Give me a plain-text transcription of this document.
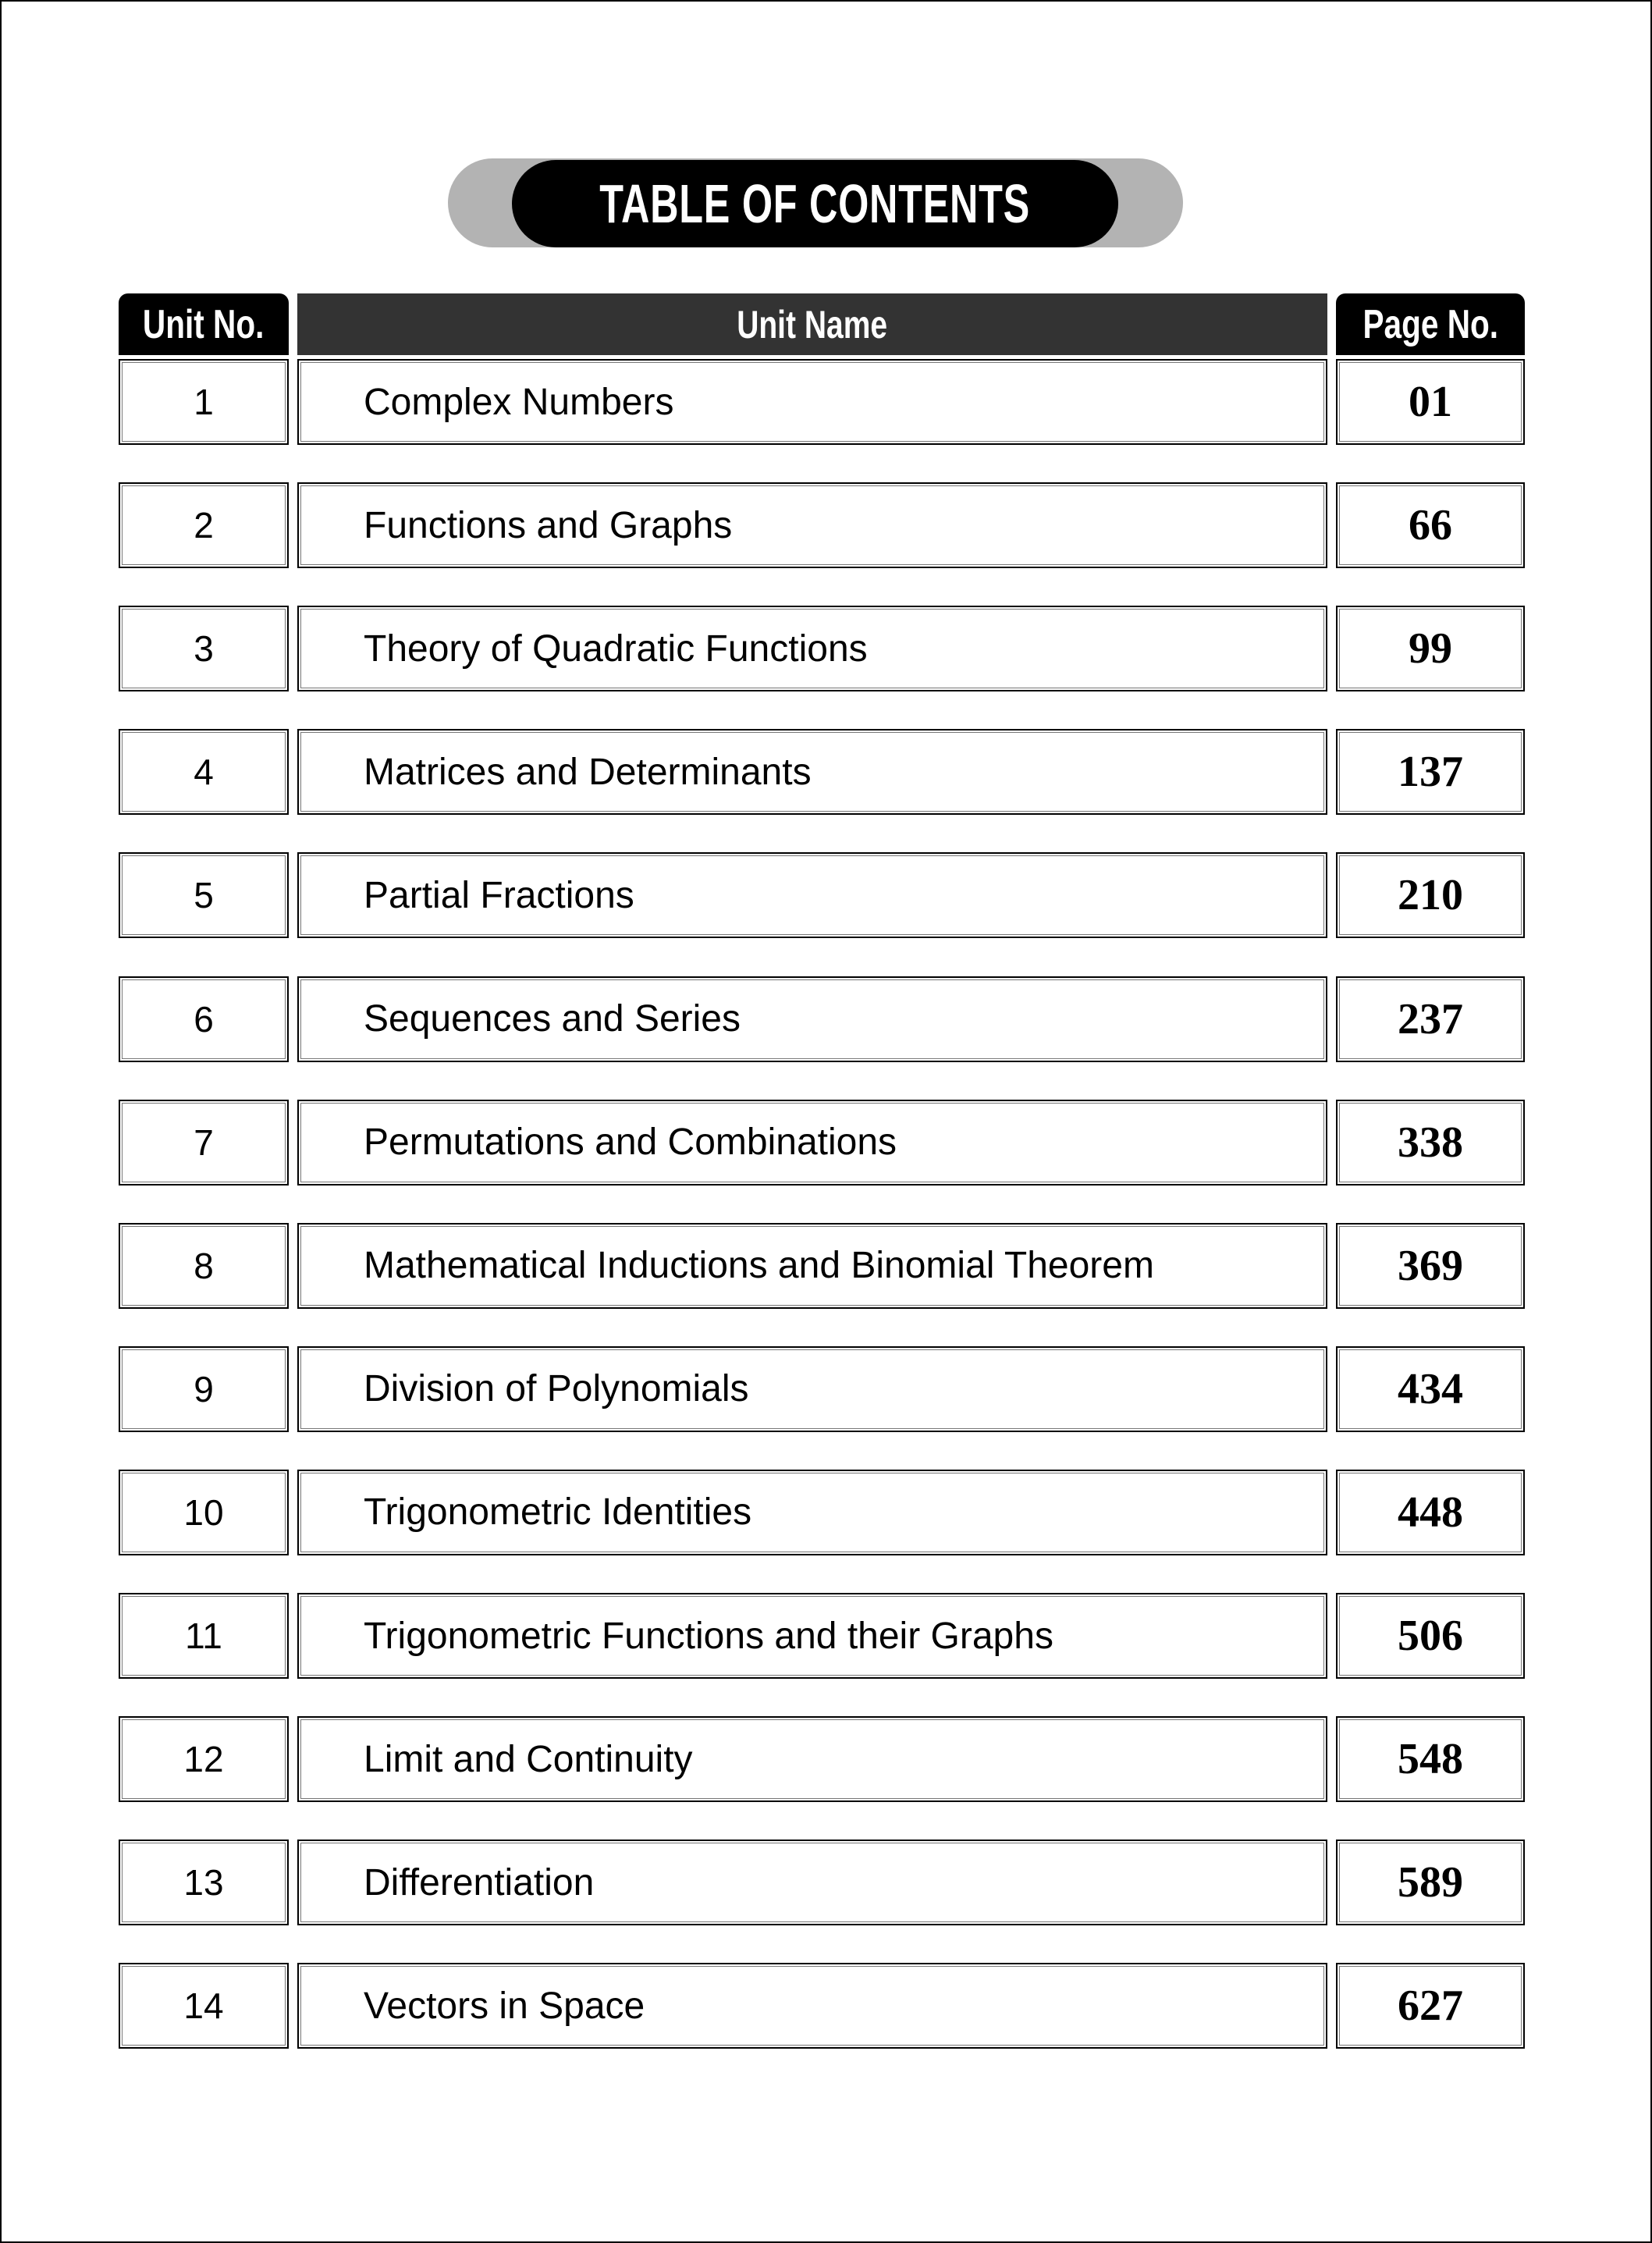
TABLE OF CONTENTS
Unit No.	Unit Name	Page No.
1	Complex Numbers	01
2	Functions and Graphs	66
3	Theory of Quadratic Functions	99
4	Matrices and Determinants	137
5	Partial Fractions	210
6	Sequences and Series	237
7	Permutations and Combinations	338
8	Mathematical Inductions and Binomial Theorem	369
9	Division of Polynomials	434
10	Trigonometric Identities	448
11	Trigonometric Functions and their Graphs	506
12	Limit and Continuity	548
13	Differentiation	589
14	Vectors in Space	627
